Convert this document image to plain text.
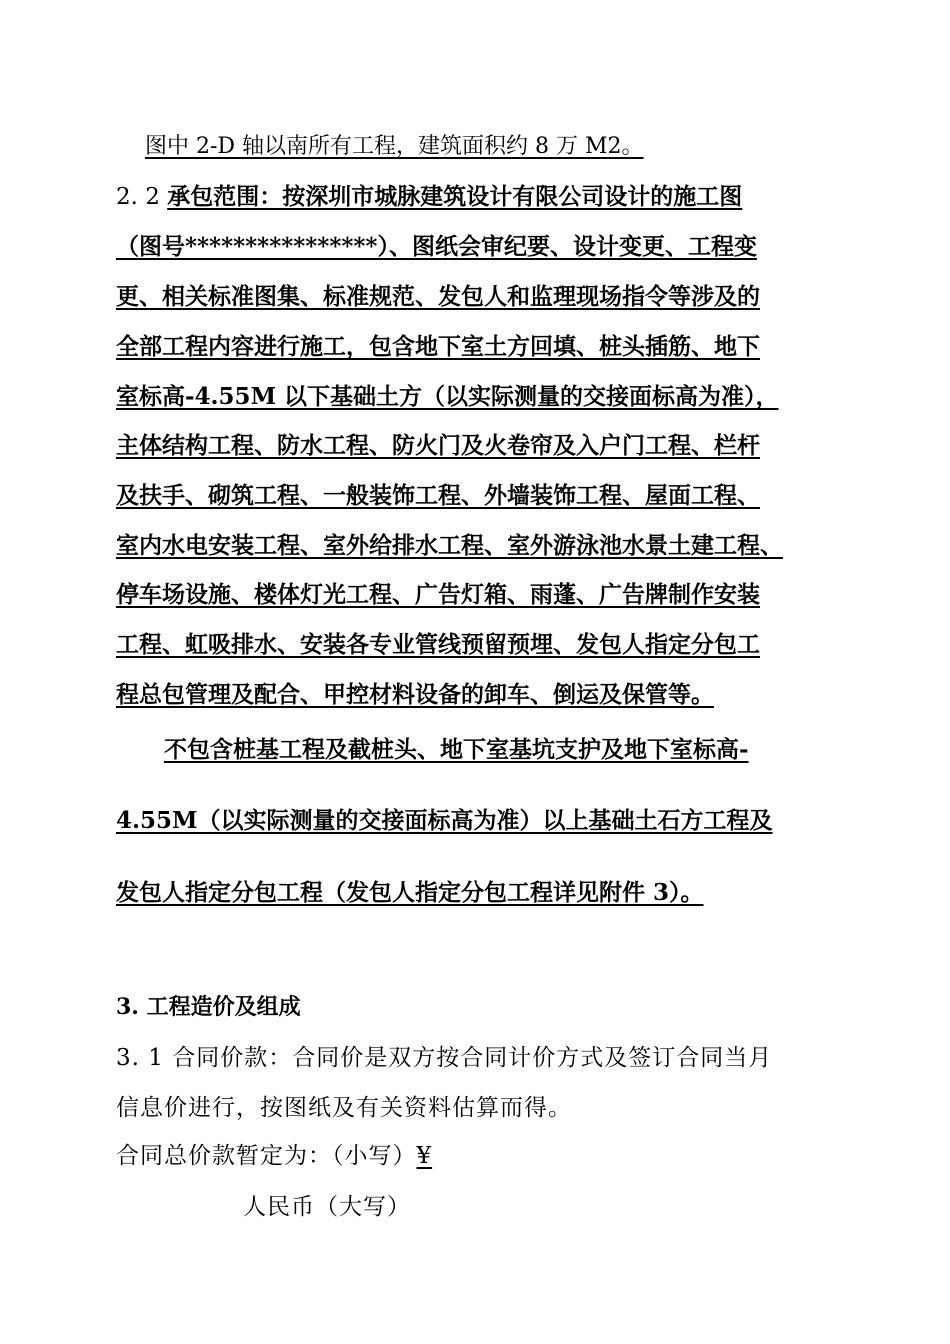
图中 2-D 轴以南所有工程，建筑面积约 8 万 M2。
2. 2 承包范围：按深圳市城脉建筑设计有限公司设计的施工图
（图号****************）、图纸会审纪要、设计变更、工程变
更、相关标准图集、标准规范、发包人和监理现场指令等涉及的
全部工程内容进行施工，包含地下室土方回填、桩头插筋、地下
室标高-4.55M 以下基础土方（以实际测量的交接面标高为准），
主体结构工程、防水工程、防火门及火卷帘及入户门工程、栏杆
及扶手、砌筑工程、一般装饰工程、外墙装饰工程、屋面工程、
室内水电安装工程、室外给排水工程、室外游泳池水景土建工程、
停车场设施、楼体灯光工程、广告灯箱、雨蓬、广告牌制作安装
工程、虹吸排水、安装各专业管线预留预埋、发包人指定分包工
程总包管理及配合、甲控材料设备的卸车、倒运及保管等。
不包含桩基工程及截桩头、地下室基坑支护及地下室标高-
4.55M（以实际测量的交接面标高为准）以上基础土石方工程及
发包人指定分包工程（发包人指定分包工程详见附件 3）。
3. 工程造价及组成
3. 1 合同价款：合同价是双方按合同计价方式及签订合同当月
信息价进行，按图纸及有关资料估算而得。
合同总价款暂定为：（小写）¥
人民币（大写）
